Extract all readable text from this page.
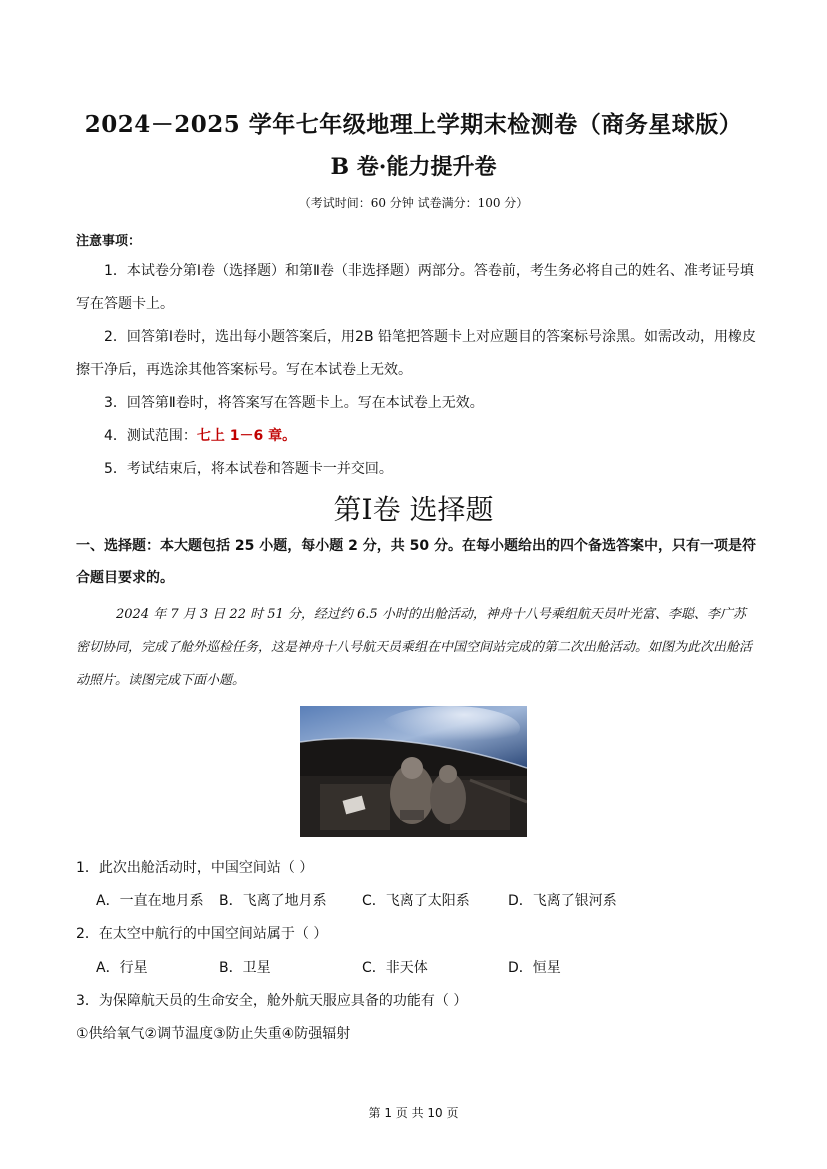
2024－2025 学年七年级地理上学期末检测卷（商务星球版）
B 卷·能力提升卷
（考试时间：60 分钟 试卷满分：100 分）
注意事项：
1．本试卷分第Ⅰ卷（选择题）和第Ⅱ卷（非选择题）两部分。答卷前，考生务必将自己的姓名、准考证号填写在答题卡上。
2．回答第Ⅰ卷时，选出每小题答案后，用2B 铅笔把答题卡上对应题目的答案标号涂黑。如需改动，用橡皮擦干净后，再选涂其他答案标号。写在本试卷上无效。
3．回答第Ⅱ卷时，将答案写在答题卡上。写在本试卷上无效。
4．测试范围：七上 1－6 章。
5．考试结束后，将本试卷和答题卡一并交回。
第Ⅰ卷 选择题
一、选择题：本大题包括 25 小题，每小题 2 分，共 50 分。在每小题给出的四个备选答案中，只有一项是符合题目要求的。
2024 年 7 月 3 日 22 时 51 分，经过约 6.5 小时的出舱活动，神舟十八号乘组航天员叶光富、李聪、李广苏密切协同，完成了舱外巡检任务，这是神舟十八号航天员乘组在中国空间站完成的第二次出舱活动。如图为此次出舱活动照片。读图完成下面小题。
1．此次出舱活动时，中国空间站（ ）
A．一直在地月系 B．飞离了地月系	C．飞离了太阳系	D．飞离了银河系
2．在太空中航行的中国空间站属于（ ）
A．行星	B．卫星	C．非天体	D．恒星
3．为保障航天员的生命安全，舱外航天服应具备的功能有（ ）
①供给氧气②调节温度③防止失重④防强辐射
第 1 页 共 10 页
